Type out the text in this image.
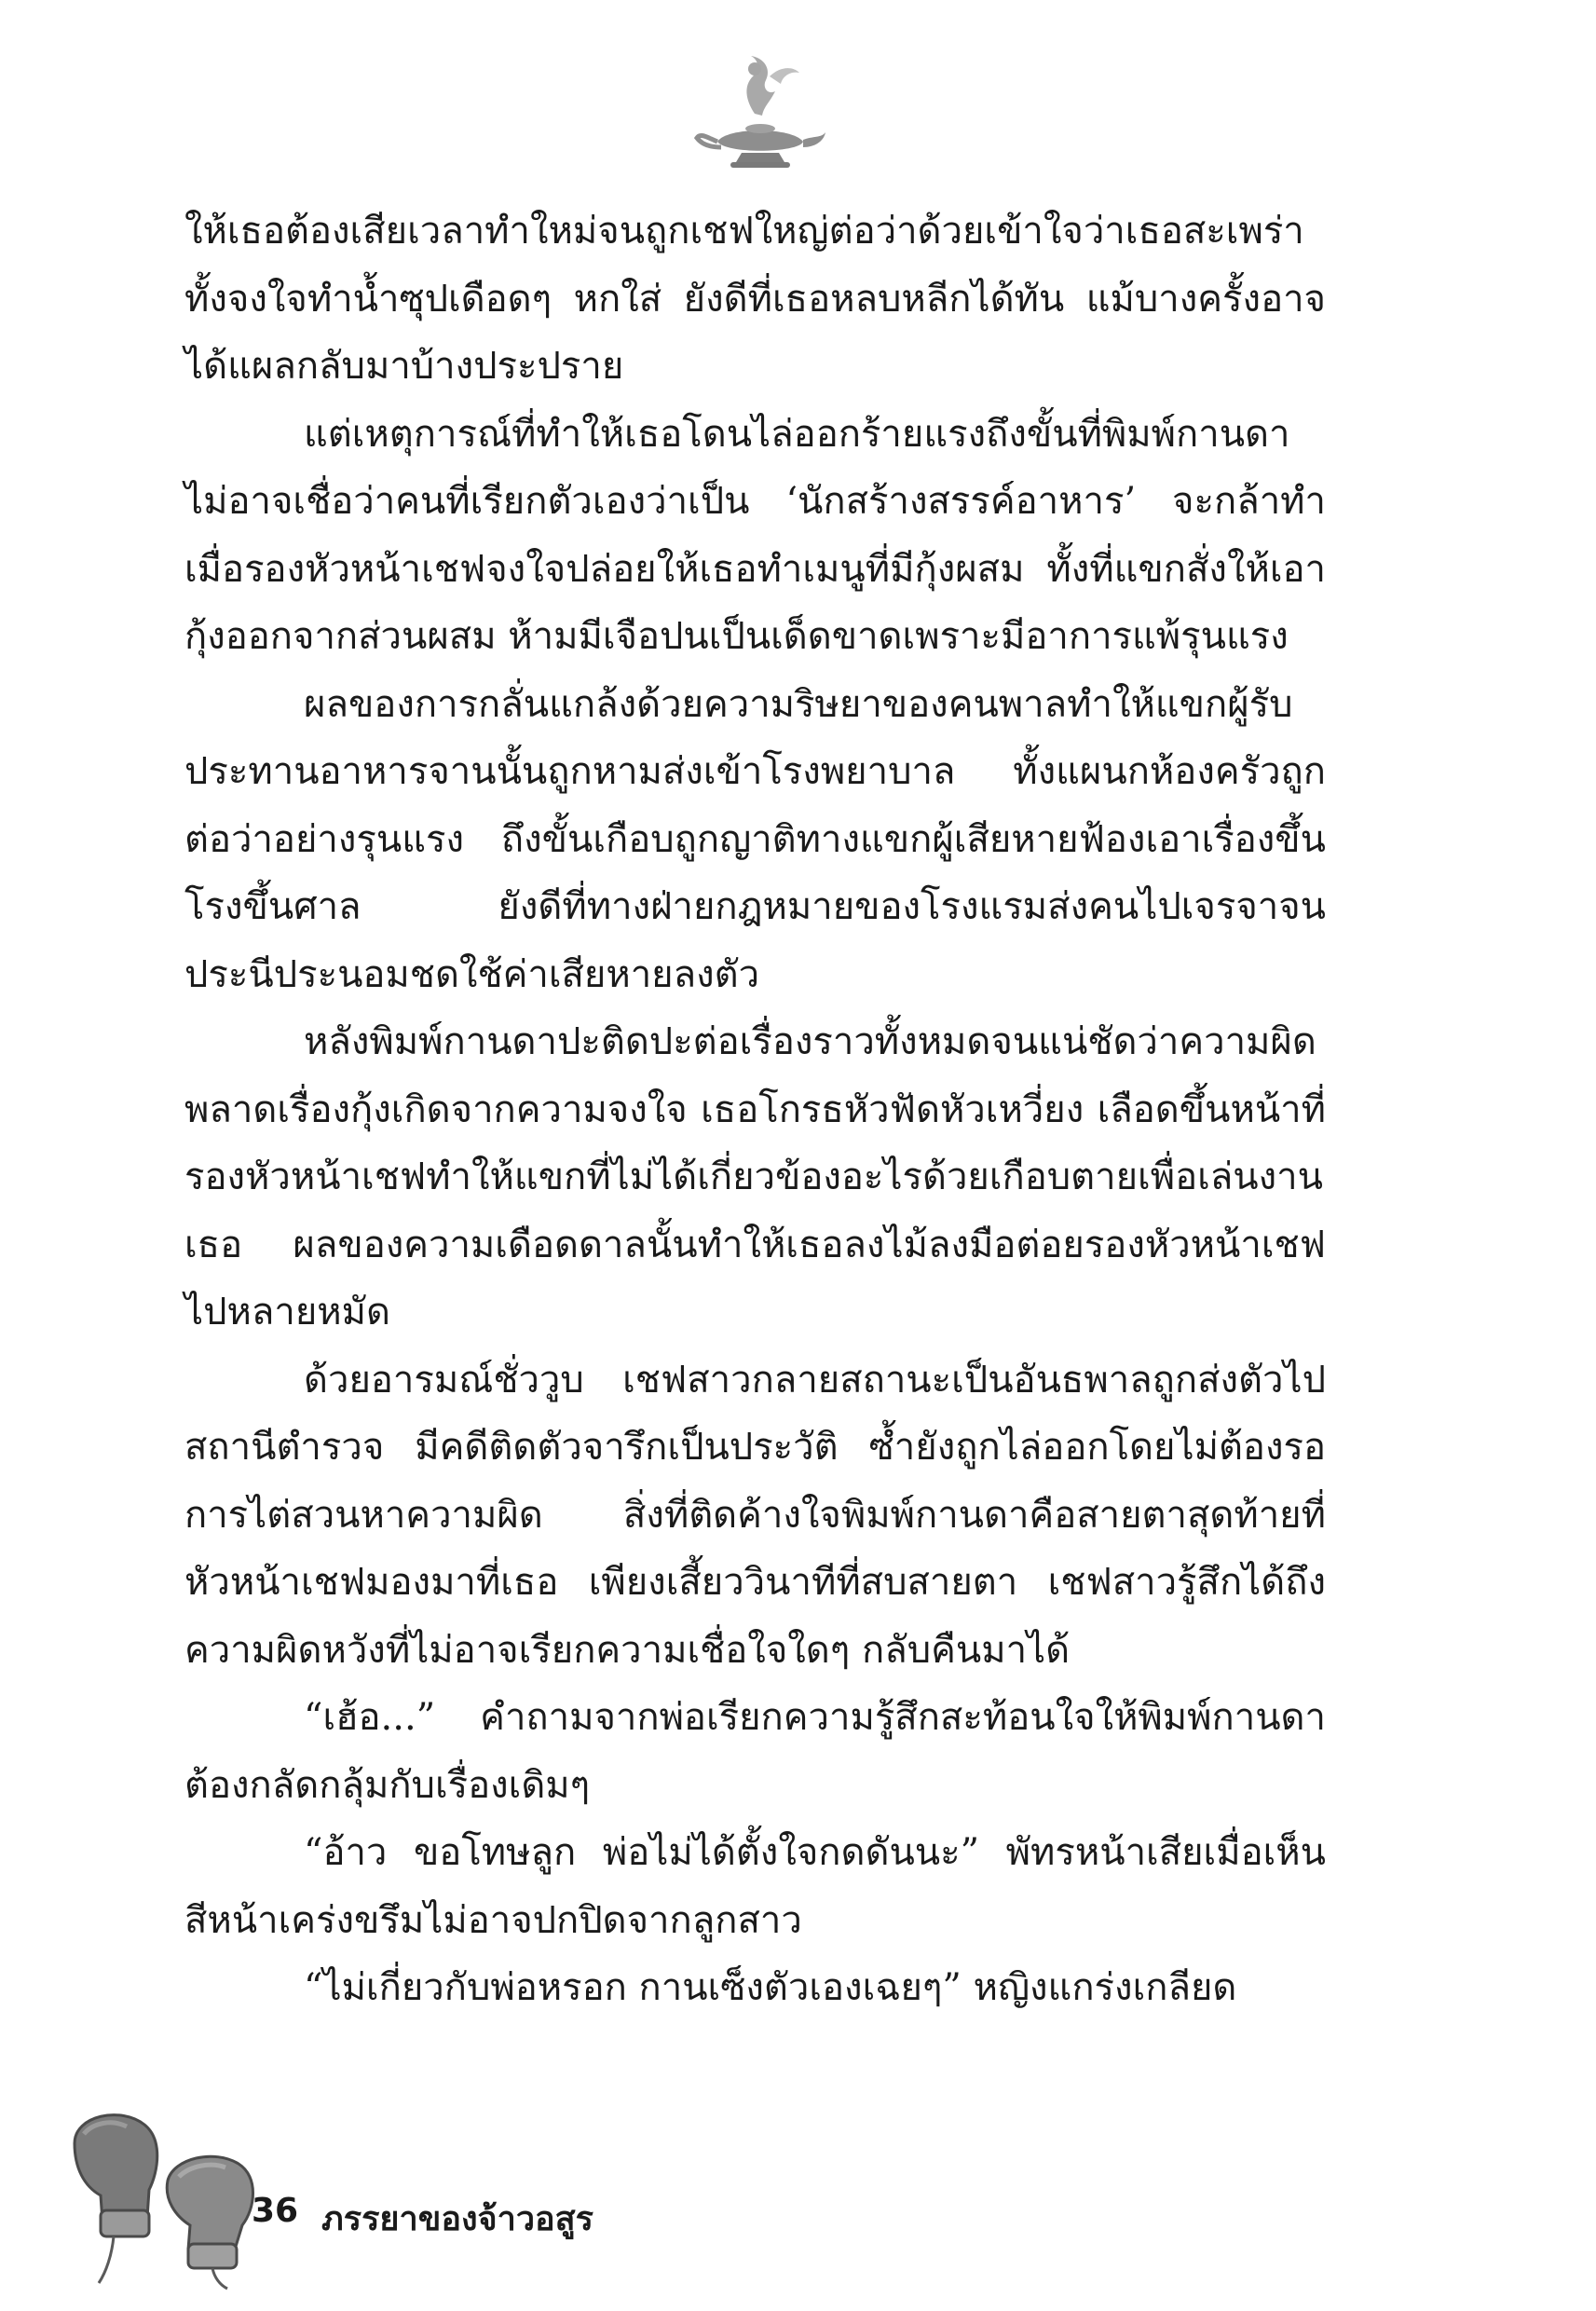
ให้เธอต้องเสียเวลาทำใหม่จนถูกเชฟใหญ่ต่อว่าด้วยเข้าใจว่าเธอสะเพร่า ทั้งจงใจทำน้ำซุปเดือดๆ หกใส่ ยังดีที่เธอหลบหลีกได้ทัน แม้บางครั้งอาจได้แผลกลับมาบ้างประปราย

แต่เหตุการณ์ที่ทำให้เธอโดนไล่ออกร้ายแรงถึงขั้นที่พิมพ์กานดาไม่อาจเชื่อว่าคนที่เรียกตัวเองว่าเป็น ‘นักสร้างสรรค์อาหาร’ จะกล้าทำ เมื่อรองหัวหน้าเชฟจงใจปล่อยให้เธอทำเมนูที่มีกุ้งผสม ทั้งที่แขกสั่งให้เอากุ้งออกจากส่วนผสม ห้ามมีเจือปนเป็นเด็ดขาดเพราะมีอาการแพ้รุนแรง

ผลของการกลั่นแกล้งด้วยความริษยาของคนพาลทำให้แขกผู้รับประทานอาหารจานนั้นถูกหามส่งเข้าโรงพยาบาล ทั้งแผนกห้องครัวถูกต่อว่าอย่างรุนแรง ถึงขั้นเกือบถูกญาติทางแขกผู้เสียหายฟ้องเอาเรื่องขึ้นโรงขึ้นศาล ยังดีที่ทางฝ่ายกฎหมายของโรงแรมส่งคนไปเจรจาจนประนีประนอมชดใช้ค่าเสียหายลงตัว

หลังพิมพ์กานดาปะติดปะต่อเรื่องราวทั้งหมดจนแน่ชัดว่าความผิดพลาดเรื่องกุ้งเกิดจากความจงใจ เธอโกรธหัวฟัดหัวเหวี่ยง เลือดขึ้นหน้าที่รองหัวหน้าเชฟทำให้แขกที่ไม่ได้เกี่ยวข้องอะไรด้วยเกือบตายเพื่อเล่นงานเธอ ผลของความเดือดดาลนั้นทำให้เธอลงไม้ลงมือต่อยรองหัวหน้าเชฟไปหลายหมัด

ด้วยอารมณ์ชั่ววูบ เชฟสาวกลายสถานะเป็นอันธพาลถูกส่งตัวไปสถานีตำรวจ มีคดีติดตัวจารึกเป็นประวัติ ซ้ำยังถูกไล่ออกโดยไม่ต้องรอการไต่สวนหาความผิด สิ่งที่ติดค้างใจพิมพ์กานดาคือสายตาสุดท้ายที่หัวหน้าเชฟมองมาที่เธอ เพียงเสี้ยววินาทีที่สบสายตา เชฟสาวรู้สึกได้ถึงความผิดหวังที่ไม่อาจเรียกความเชื่อใจใดๆ กลับคืนมาได้

“เฮ้อ...” คำถามจากพ่อเรียกความรู้สึกสะท้อนใจให้พิมพ์กานดาต้องกลัดกลุ้มกับเรื่องเดิมๆ

“อ้าว ขอโทษลูก พ่อไม่ได้ตั้งใจกดดันนะ” พัทรหน้าเสียเมื่อเห็นสีหน้าเคร่งขรึมไม่อาจปกปิดจากลูกสาว

“ไม่เกี่ยวกับพ่อหรอก กานเซ็งตัวเองเฉยๆ” หญิงแกร่งเกลียด

36 ภรรยาของจ้าวอสูร
